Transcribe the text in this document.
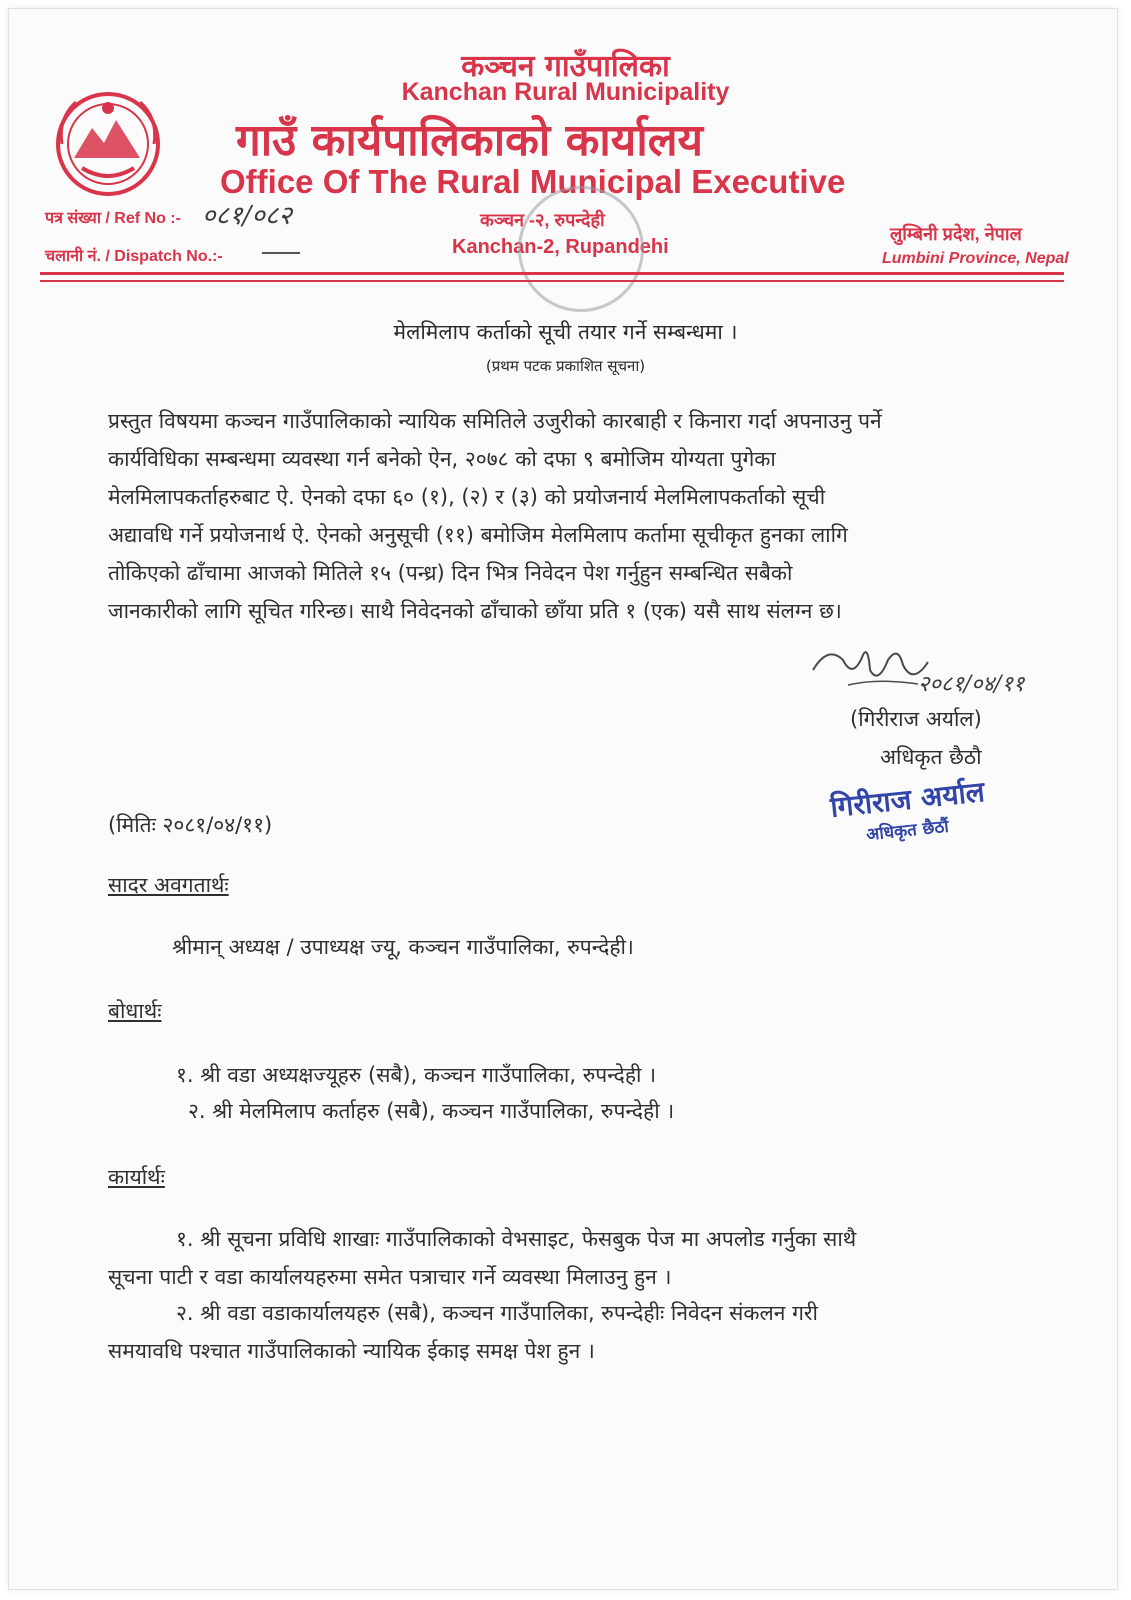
कञ्चन गाउँपालिका
Kanchan Rural Municipality
गाउँ कार्यपालिकाको कार्यालय
Office Of The Rural Municipal Executive
पत्र संख्या / Ref No :- ०८१/०८२
चलानी नं. / Dispatch No.:-
कञ्चन -२, रुपन्देही
Kanchan-2, Rupandehi
लुम्बिनी प्रदेश, नेपाल
Lumbini Province, Nepal
मेलमिलाप कर्ताको सूची तयार गर्ने सम्बन्धमा ।
(प्रथम पटक प्रकाशित सूचना)
प्रस्तुत विषयमा कञ्चन गाउँपालिकाको न्यायिक समितिले उजुरीको कारबाही र किनारा गर्दा अपनाउनु पर्ने
कार्यविधिका सम्बन्धमा व्यवस्था गर्न बनेको ऐन, २०७८ को दफा ९ बमोजिम योग्यता पुगेका
मेलमिलापकर्ताहरुबाट ऐ. ऐनको दफा ६० (१), (२) र (३) को प्रयोजनार्य मेलमिलापकर्ताको सूची
अद्यावधि गर्ने प्रयोजनार्थ ऐ. ऐनको अनुसूची (११) बमोजिम मेलमिलाप कर्तामा सूचीकृत हुनका लागि
तोकिएको ढाँचामा आजको मितिले १५ (पन्ध्र) दिन भित्र निवेदन पेश गर्नुहुन सम्बन्धित सबैको
जानकारीको लागि सूचित गरिन्छ। साथै निवेदनको ढाँचाको छाँया प्रति १ (एक) यसै साथ संलग्न छ।
२०८१/०४/११
(गिरीराज अर्याल)
अधिकृत छैठौ
गिरीराज अर्याल
अधिकृत छैठौं
(मितिः २०८१/०४/११)
सादर अवगतार्थः
श्रीमान् अध्यक्ष / उपाध्यक्ष ज्यू, कञ्चन गाउँपालिका, रुपन्देही।
बोधार्थः
१. श्री वडा अध्यक्षज्यूहरु (सबै), कञ्चन गाउँपालिका, रुपन्देही ।
२. श्री मेलमिलाप कर्ताहरु (सबै), कञ्चन गाउँपालिका, रुपन्देही ।
कार्यार्थः
१. श्री सूचना प्रविधि शाखाः गाउँपालिकाको वेभसाइट, फेसबुक पेज मा अपलोड गर्नुका साथै
सूचना पाटी र वडा कार्यालयहरुमा समेत पत्राचार गर्ने व्यवस्था मिलाउनु हुन ।
२. श्री वडा वडाकार्यालयहरु (सबै), कञ्चन गाउँपालिका, रुपन्देहीः निवेदन संकलन गरी
समयावधि पश्चात गाउँपालिकाको न्यायिक ईकाइ समक्ष पेश हुन ।
